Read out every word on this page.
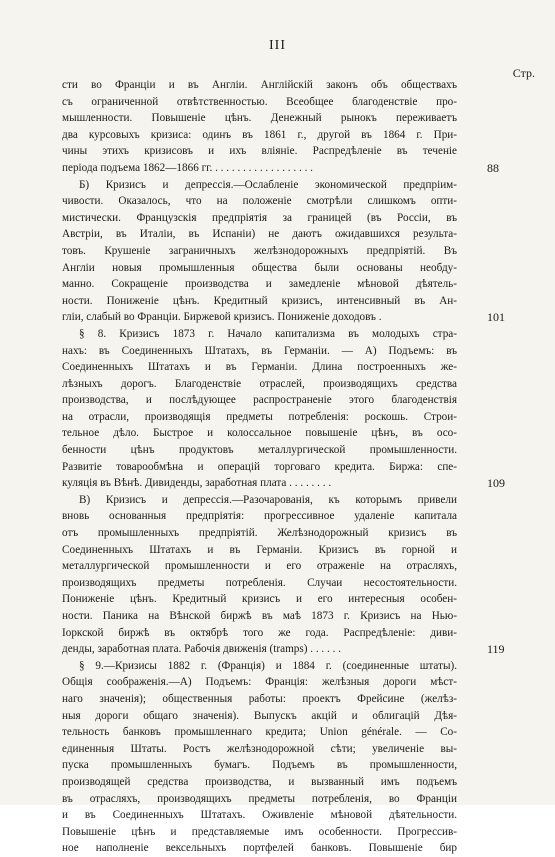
III
Стр.
сти во Франціи и въ Англіи. Англійскій законъ объ обществахъ
съ ограниченной отвѣтственностью. Всеобщее благоденствіе про-
мышленности. Повышеніе цѣнъ. Денежный рынокъ переживаетъ
два курсовыхъ кризиса: одинъ въ 1861 г., другой въ 1864 г. При-
чины этихъ кризисовъ и ихъ вліяніе. Распредѣленіе въ теченіе
періода подъема 1862—1866 гг. . . . . . . . . . . . . . . . . . .	88
Б) Кризисъ и депрессія.—Ослабленіе экономической предпріим-
чивости. Оказалось, что на положеніе смотрѣли слишкомъ опти-
мистически. Французскія предпріятія за границей (въ Россіи, въ
Австріи, въ Италіи, въ Испаніи) не даютъ ожидавшихся результа-
товъ. Крушеніе заграничныхъ желѣзнодорожныхъ предпріятій. Въ
Англіи новыя промышленныя общества были основаны необду-
манно. Сокращеніе производства и замедленіе мѣновой дѣятель-
ности. Пониженіе цѣнъ. Кредитный кризисъ, интенсивный въ Ан-
гліи, слабый во Франціи. Биржевой кризисъ. Пониженіе доходовъ .	101
§ 8. Кризисъ 1873 г. Начало капитализма въ молодыхъ стра-
нахъ: въ Соединенныхъ Штатахъ, въ Германіи. — А) Подъемъ: въ
Соединенныхъ Штатахъ и въ Германіи. Длина построенныхъ же-
лѣзныхъ дорогъ. Благоденствіе отраслей, производящихъ средства
производства, и послѣдующее распространеніе этого благоденствія
на отрасли, производящія предметы потребленія: роскошь. Строи-
тельное дѣло. Быстрое и колоссальное повышеніе цѣнъ, въ осо-
бенности цѣнъ продуктовъ металлургической промышленности.
Развитіе товарообмѣна и операцій торговаго кредита. Биржа: спе-
куляція въ Вѣнѣ. Дивиденды, заработная плата . . . . . . . .	109
В) Кризисъ и депрессія.—Разочарованія, къ которымъ привели
вновь основанныя предпріятія: прогрессивное удаленіе капитала
отъ промышленныхъ предпріятій. Желѣзнодорожный кризисъ въ
Соединенныхъ Штатахъ и въ Германіи. Кризисъ въ горной и
металлургической промышленности и его отраженіе на отрасляхъ,
производящихъ предметы потребленія. Случаи несостоятельности.
Пониженіе цѣнъ. Кредитный кризисъ и его интересныя особен-
ности. Паника на Вѣнской биржѣ въ маѣ 1873 г. Кризисъ на Нью-
Іоркской биржѣ въ октябрѣ того же года. Распредѣленіе: диви-
денды, заработная плата. Рабочія движенія (tramps) . . . . . .	119
§ 9.—Кризисы 1882 г. (Франція) и 1884 г. (соединенные штаты).
Общія соображенія.—А) Подъемъ: Франція: желѣзныя дороги мѣст-
наго значенія); общественныя работы: проектъ Фрейсине (желѣз-
ныя дороги общаго значенія). Выпускъ акцій и облигацій Дѣя-
тельность банковъ промышленнаго кредита; Union générale. — Со-
единенныя Штаты. Ростъ желѣзнодорожной сѣти; увеличеніе вы-
пуска промышленныхъ бумагъ. Подъемъ въ промышленности,
производящей средства производства, и вызванный имъ подъемъ
въ отрасляхъ, производящихъ предметы потребленія, во Франціи
и въ Соединенныхъ Штатахъ. Оживленіе мѣновой дѣятельности.
Повышеніе цѣнъ и представляемые имъ особенности. Прогрессив-
ное наполненіе вексельныхъ портфелей банковъ. Повышеніе бир
